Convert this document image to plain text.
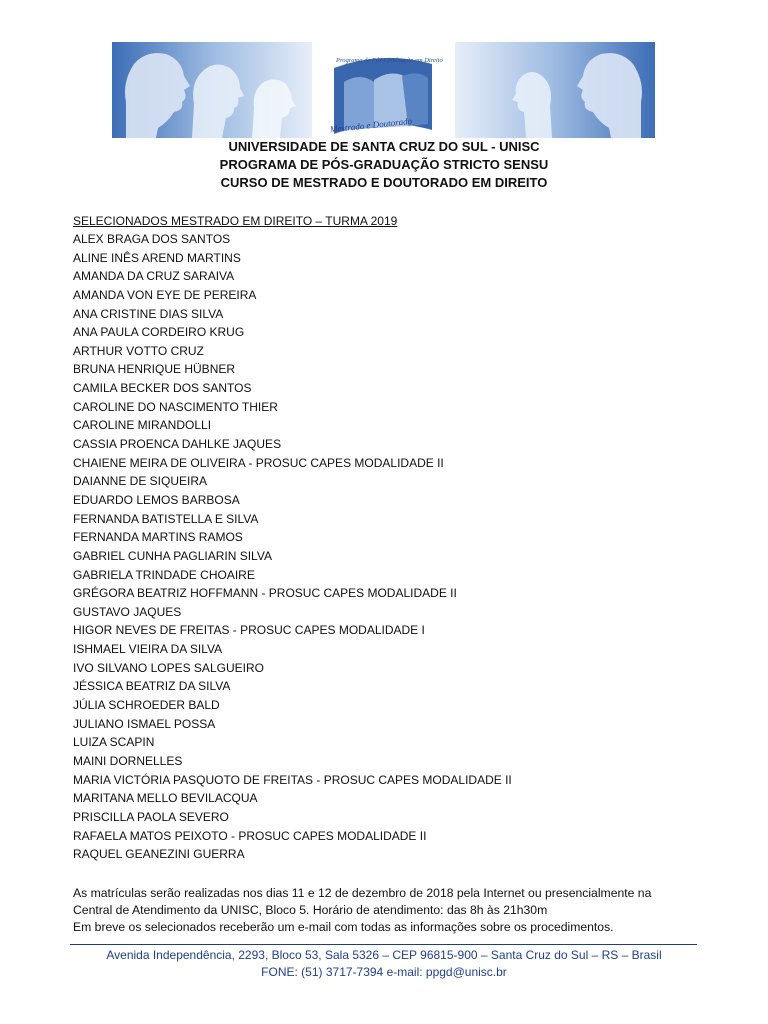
Programa de Pós-Graduação em Direito
Mestrado e Doutorado
UNIVERSIDADE DE SANTA CRUZ DO SUL - UNISC
PROGRAMA DE PÓS-GRADUAÇÃO STRICTO SENSU
CURSO DE MESTRADO E DOUTORADO EM DIREITO
SELECIONADOS MESTRADO EM DIREITO – TURMA 2019
ALEX BRAGA DOS SANTOS
ALINE INÊS AREND MARTINS
AMANDA DA CRUZ SARAIVA
AMANDA VON EYE DE PEREIRA
ANA CRISTINE DIAS SILVA
ANA PAULA CORDEIRO KRUG
ARTHUR VOTTO CRUZ
BRUNA HENRIQUE HÜBNER
CAMILA BECKER DOS SANTOS
CAROLINE DO NASCIMENTO THIER
CAROLINE MIRANDOLLI
CASSIA PROENCA DAHLKE JAQUES
CHAIENE MEIRA DE OLIVEIRA - PROSUC CAPES MODALIDADE II
DAIANNE DE SIQUEIRA
EDUARDO LEMOS BARBOSA
FERNANDA BATISTELLA E SILVA
FERNANDA MARTINS RAMOS
GABRIEL CUNHA PAGLIARIN SILVA
GABRIELA TRINDADE CHOAIRE
GRÉGORA BEATRIZ HOFFMANN - PROSUC CAPES MODALIDADE II
GUSTAVO JAQUES
HIGOR NEVES DE FREITAS - PROSUC CAPES MODALIDADE I
ISHMAEL VIEIRA DA SILVA
IVO SILVANO LOPES SALGUEIRO
JÉSSICA BEATRIZ DA SILVA
JÚLIA SCHROEDER BALD
JULIANO ISMAEL POSSA
LUIZA SCAPIN
MAINI DORNELLES
MARIA VICTÓRIA PASQUOTO DE FREITAS - PROSUC CAPES MODALIDADE II
MARITANA MELLO BEVILACQUA
PRISCILLA PAOLA SEVERO
RAFAELA MATOS PEIXOTO - PROSUC CAPES MODALIDADE II
RAQUEL GEANEZINI GUERRA
As matrículas serão realizadas nos dias 11 e 12 de dezembro de 2018 pela Internet ou presencialmente na
Central de Atendimento da UNISC, Bloco 5. Horário de atendimento: das 8h às 21h30m
Em breve os selecionados receberão um e-mail com todas as informações sobre os procedimentos.
Avenida Independência, 2293, Bloco 53, Sala 5326 – CEP 96815-900 – Santa Cruz do Sul – RS – Brasil
FONE: (51) 3717-7394 e-mail: ppgd@unisc.br
